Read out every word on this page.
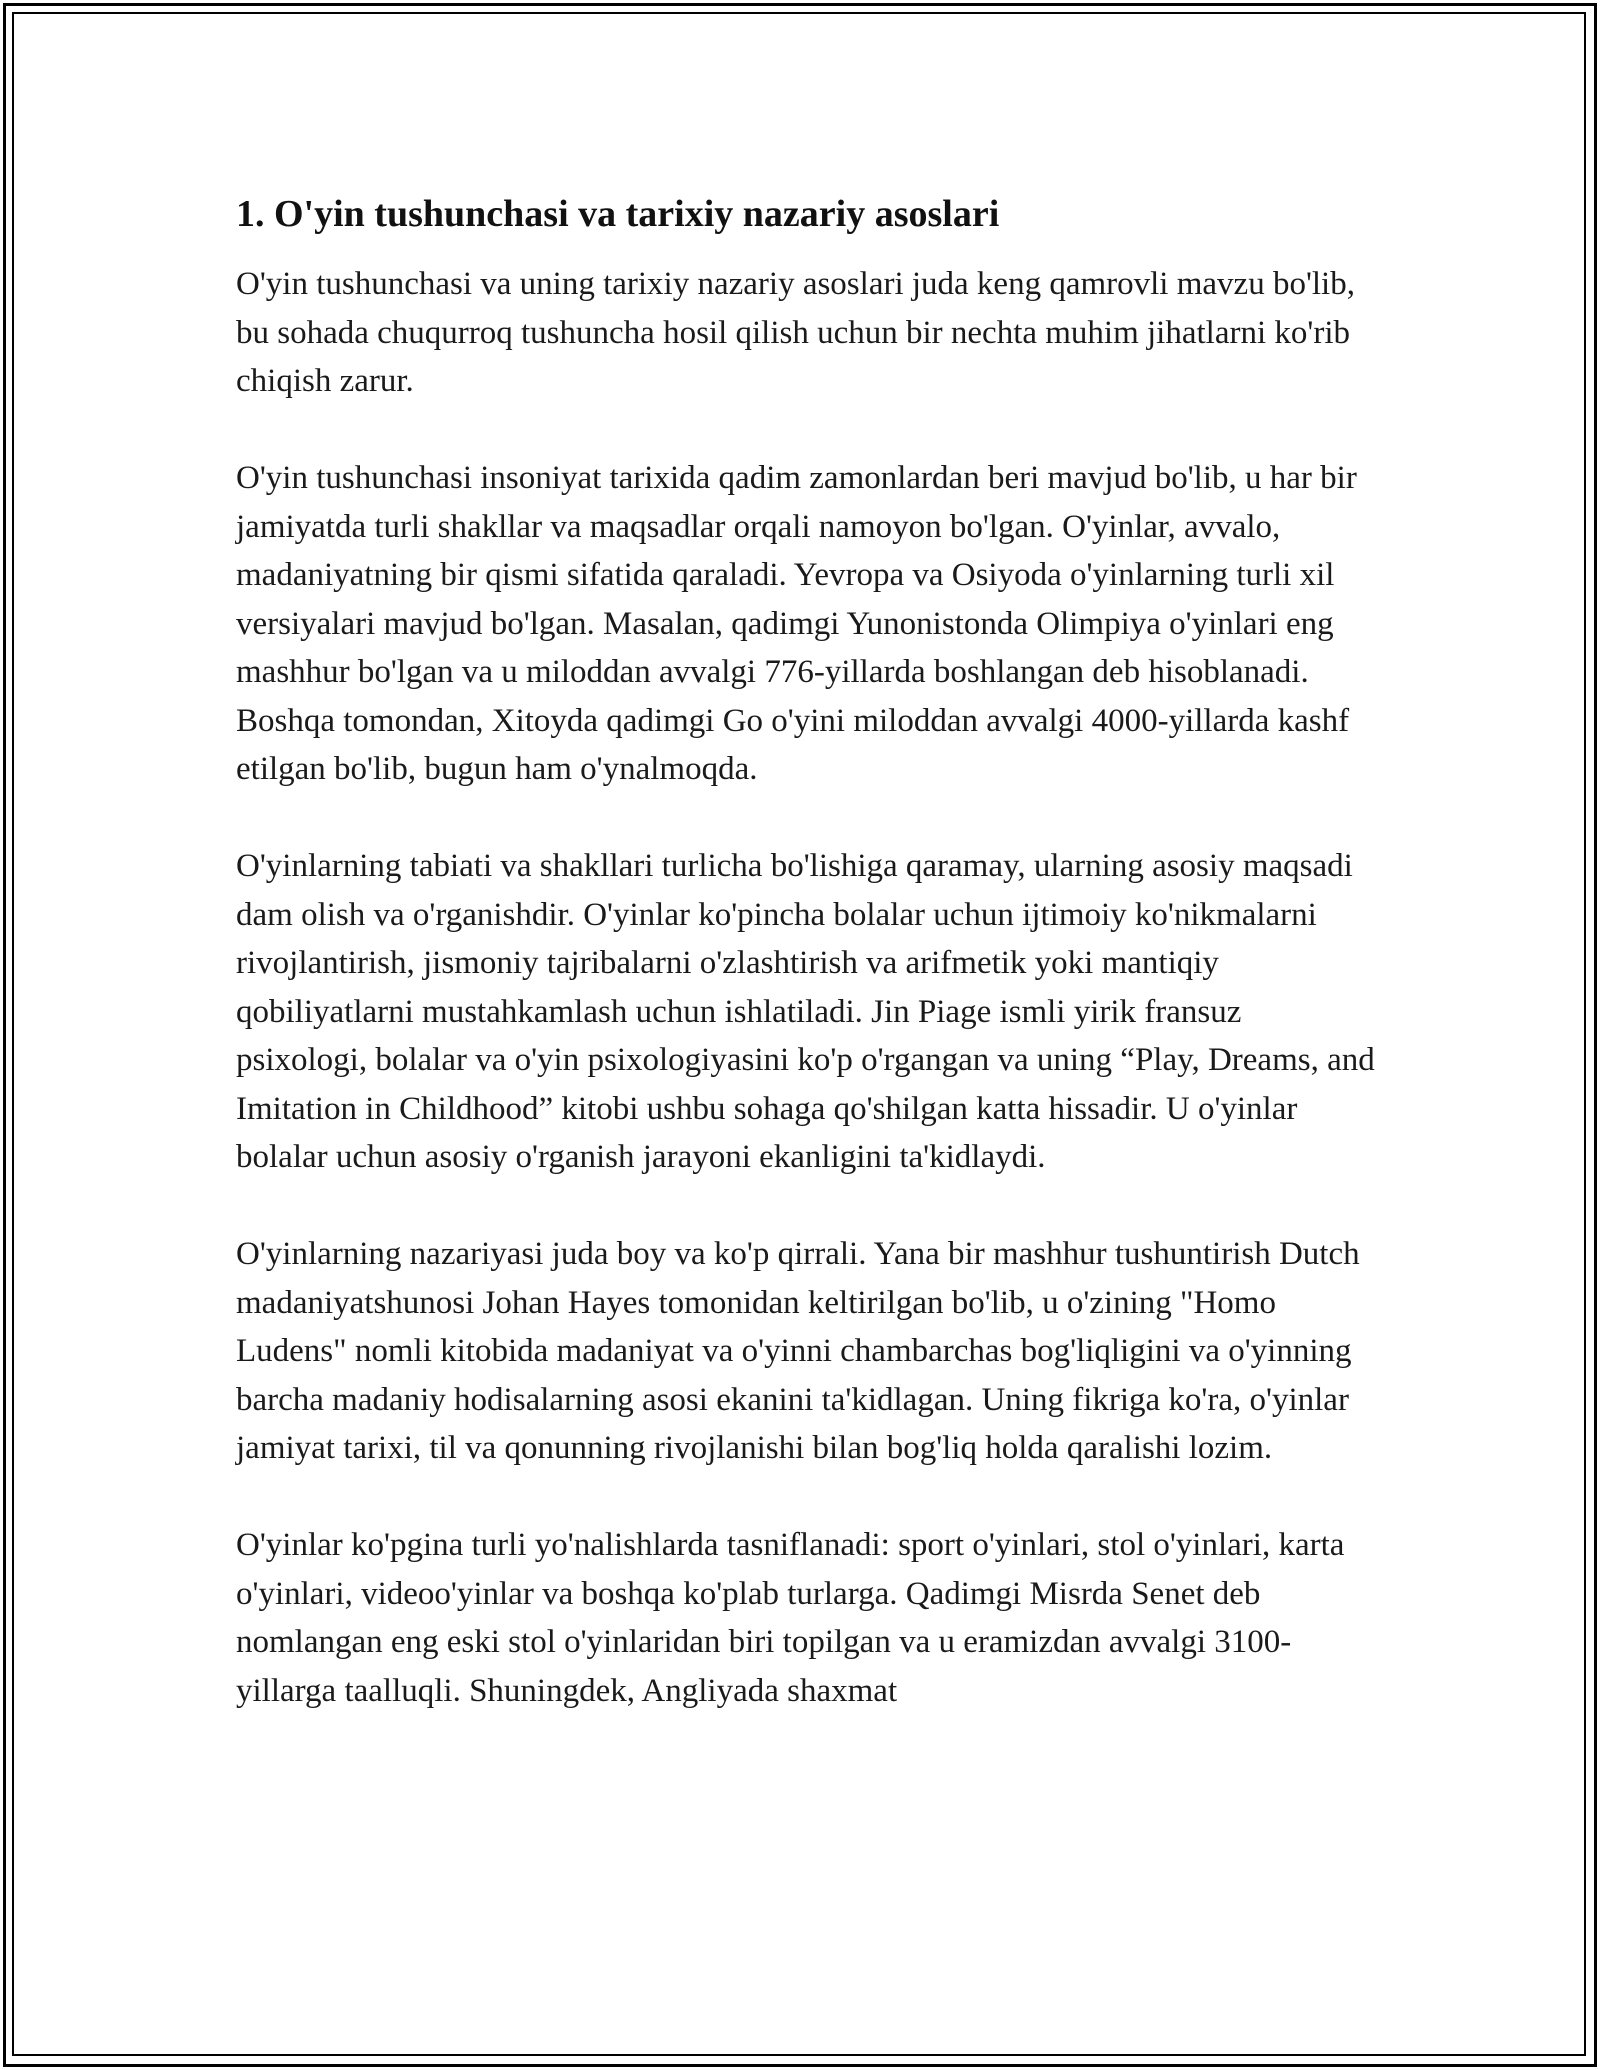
1. O'yin tushunchasi va tarixiy nazariy asoslari

O'yin tushunchasi va uning tarixiy nazariy asoslari juda keng qamrovli mavzu bo'lib, bu sohada chuqurroq tushuncha hosil qilish uchun bir nechta muhim jihatlarni ko'rib chiqish zarur.

O'yin tushunchasi insoniyat tarixida qadim zamonlardan beri mavjud bo'lib, u har bir jamiyatda turli shakllar va maqsadlar orqali namoyon bo'lgan. O'yinlar, avvalo, madaniyatning bir qismi sifatida qaraladi. Yevropa va Osiyoda o'yinlarning turli xil versiyalari mavjud bo'lgan. Masalan, qadimgi Yunonistonda Olimpiya o'yinlari eng mashhur bo'lgan va u miloddan avvalgi 776-yillarda boshlangan deb hisoblanadi. Boshqa tomondan, Xitoyda qadimgi Go o'yini miloddan avvalgi 4000-yillarda kashf etilgan bo'lib, bugun ham o'ynalmoqda.

O'yinlarning tabiati va shakllari turlicha bo'lishiga qaramay, ularning asosiy maqsadi dam olish va o'rganishdir. O'yinlar ko'pincha bolalar uchun ijtimoiy ko'nikmalarni rivojlantirish, jismoniy tajribalarni o'zlashtirish va arifmetik yoki mantiqiy qobiliyatlarni mustahkamlash uchun ishlatiladi. Jin Piage ismli yirik fransuz psixologi, bolalar va o'yin psixologiyasini ko'p o'rgangan va uning “Play, Dreams, and Imitation in Childhood” kitobi ushbu sohaga qo'shilgan katta hissadir. U o'yinlar bolalar uchun asosiy o'rganish jarayoni ekanligini ta'kidlaydi.

O'yinlarning nazariyasi juda boy va ko'p qirrali. Yana bir mashhur tushuntirish Dutch madaniyatshunosi Johan Hayes tomonidan keltirilgan bo'lib, u o'zining "Homo Ludens" nomli kitobida madaniyat va o'yinni chambarchas bog'liqligini va o'yinning barcha madaniy hodisalarning asosi ekanini ta'kidlagan. Uning fikriga ko'ra, o'yinlar jamiyat tarixi, til va qonunning rivojlanishi bilan bog'liq holda qaralishi lozim.

O'yinlar ko'pgina turli yo'nalishlarda tasniflanadi: sport o'yinlari, stol o'yinlari, karta o'yinlari, videoo'yinlar va boshqa ko'plab turlarga. Qadimgi Misrda Senet deb nomlangan eng eski stol o'yinlaridan biri topilgan va u eramizdan avvalgi 3100-yillarga taalluqli. Shuningdek, Angliyada shaxmat
